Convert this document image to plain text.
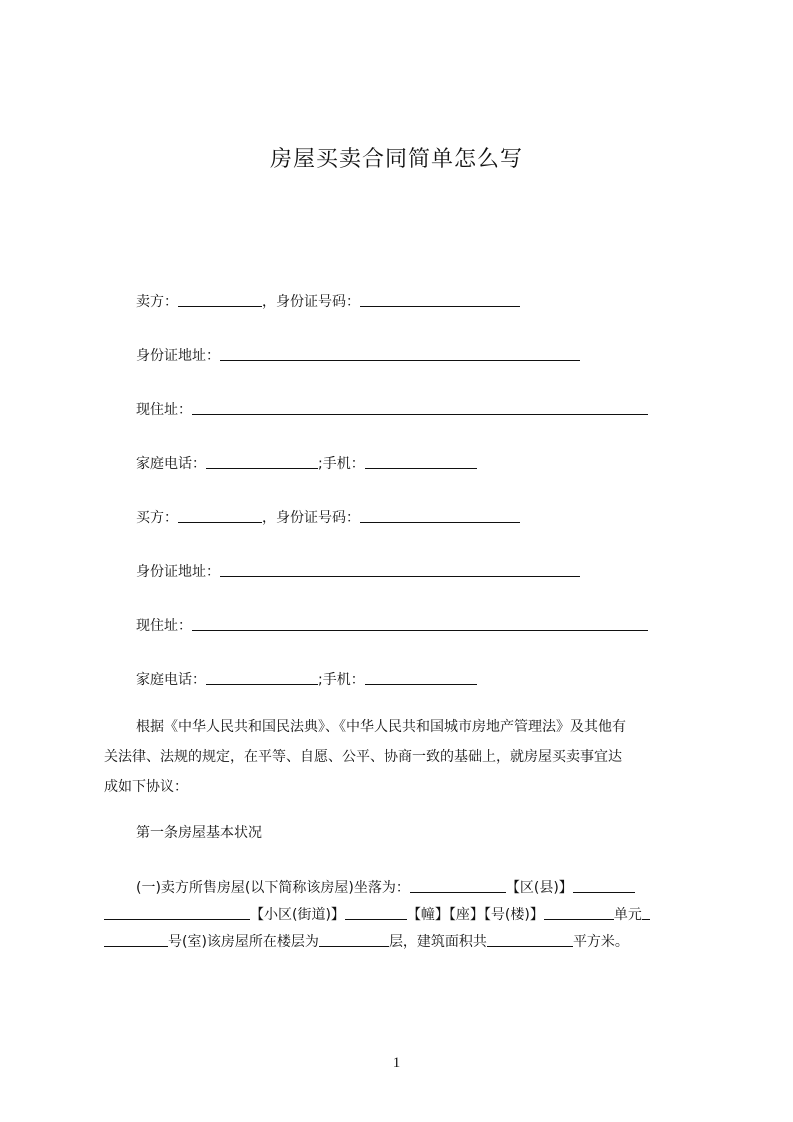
房屋买卖合同简单怎么写
卖方：	，身份证号码：
身份证地址：
现住址：
家庭电话：	;手机：
买方：	，身份证号码：
身份证地址：
现住址：
家庭电话：	;手机：
根据《中华人民共和国民法典》、《中华人民共和国城市房地产管理法》及其他有
关法律、法规的规定，在平等、自愿、公平、协商一致的基础上，就房屋买卖事宜达
成如下协议：
第一条房屋基本状况
(一)卖方所售房屋(以下简称该房屋)坐落为：	【区(县)】
【小区(街道)】	【幢】【座】【号(楼)】	单元
号(室)该房屋所在楼层为	层，建筑面积共	平方米。
1
